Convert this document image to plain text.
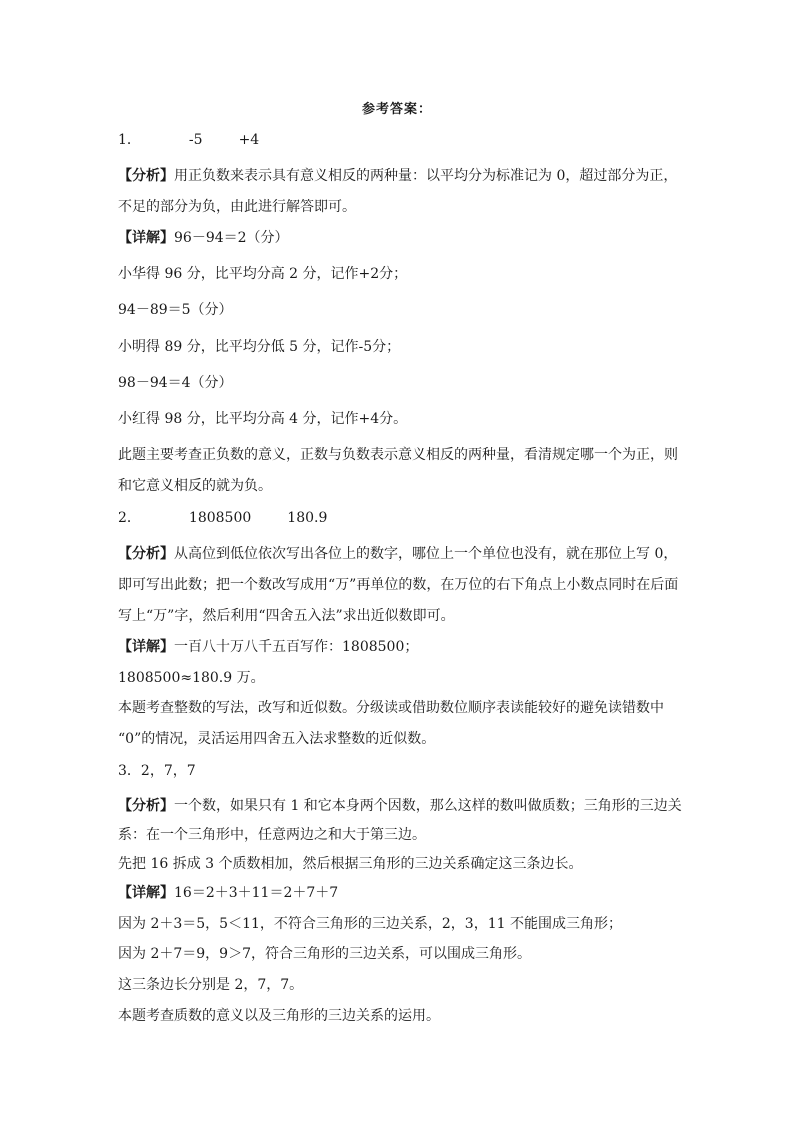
参考答案：
1．	-5	+4
【分析】用正负数来表示具有意义相反的两种量：以平均分为标准记为 0，超过部分为正，
不足的部分为负，由此进行解答即可。
【详解】96－94＝2（分）
小华得 96 分，比平均分高 2 分，记作+2分；
94－89＝5（分）
小明得 89 分，比平均分低 5 分，记作-5分；
98－94＝4（分）
小红得 98 分，比平均分高 4 分，记作+4分。
此题主要考查正负数的意义，正数与负数表示意义相反的两种量，看清规定哪一个为正，则
和它意义相反的就为负。
2．	1808500	180.9
【分析】从高位到低位依次写出各位上的数字，哪位上一个单位也没有，就在那位上写 0，
即可写出此数；把一个数改写成用“万”再单位的数，在万位的右下角点上小数点同时在后面
写上“万”字，然后利用“四舍五入法”求出近似数即可。
【详解】一百八十万八千五百写作：1808500；
1808500≈180.9 万。
本题考查整数的写法，改写和近似数。分级读或借助数位顺序表读能较好的避免读错数中
“0”的情况，灵活运用四舍五入法求整数的近似数。
3．2，7，7
【分析】一个数，如果只有 1 和它本身两个因数，那么这样的数叫做质数；三角形的三边关
系：在一个三角形中，任意两边之和大于第三边。
先把 16 拆成 3 个质数相加，然后根据三角形的三边关系确定这三条边长。
【详解】16＝2＋3＋11＝2＋7＋7
因为 2＋3＝5，5＜11，不符合三角形的三边关系，2，3，11 不能围成三角形；
因为 2＋7＝9，9＞7，符合三角形的三边关系，可以围成三角形。
这三条边长分别是 2，7，7。
本题考查质数的意义以及三角形的三边关系的运用。
